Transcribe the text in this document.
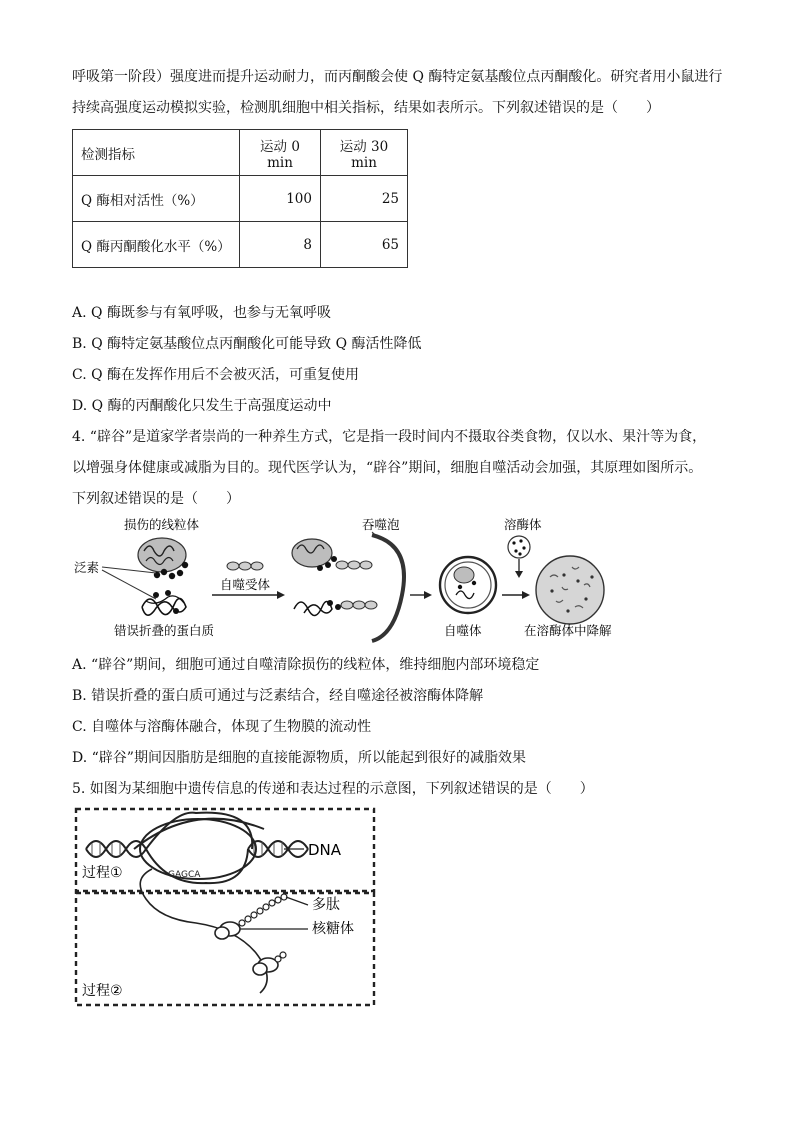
呼吸第一阶段）强度进而提升运动耐力，而丙酮酸会使 Q 酶特定氨基酸位点丙酮酸化。研究者用小鼠进行

持续高强度运动模拟实验，检测肌细胞中相关指标，结果如表所示。下列叙述错误的是（　　）

检测指标	运动 0 min	运动 30 min
Q 酶相对活性（%）	100	25
Q 酶丙酮酸化水平（%）	8	65

A. Q 酶既参与有氧呼吸，也参与无氧呼吸

B. Q 酶特定氨基酸位点丙酮酸化可能导致 Q 酶活性降低

C. Q 酶在发挥作用后不会被灭活，可重复使用

D. Q 酶的丙酮酸化只发生于高强度运动中

4. “辟谷”是道家学者崇尚的一种养生方式，它是指一段时间内不摄取谷类食物，仅以水、果汁等为食，

以增强身体健康或减脂为目的。现代医学认为，“辟谷”期间，细胞自噬活动会加强，其原理如图所示。

下列叙述错误的是（　　）

损伤的线粒体
泛素
错误折叠的蛋白质
自噬受体
吞噬泡
自噬体
溶酶体
在溶酶体中降解

A. “辟谷”期间，细胞可通过自噬清除损伤的线粒体，维持细胞内部环境稳定

B. 错误折叠的蛋白质可通过与泛素结合，经自噬途径被溶酶体降解

C. 自噬体与溶酶体融合，体现了生物膜的流动性

D. “辟谷”期间因脂肪是细胞的直接能源物质，所以能起到很好的减脂效果

5. 如图为某细胞中遗传信息的传递和表达过程的示意图，下列叙述错误的是（　　）

DNA
GAGCA
过程①
多肽
核糖体
过程②
